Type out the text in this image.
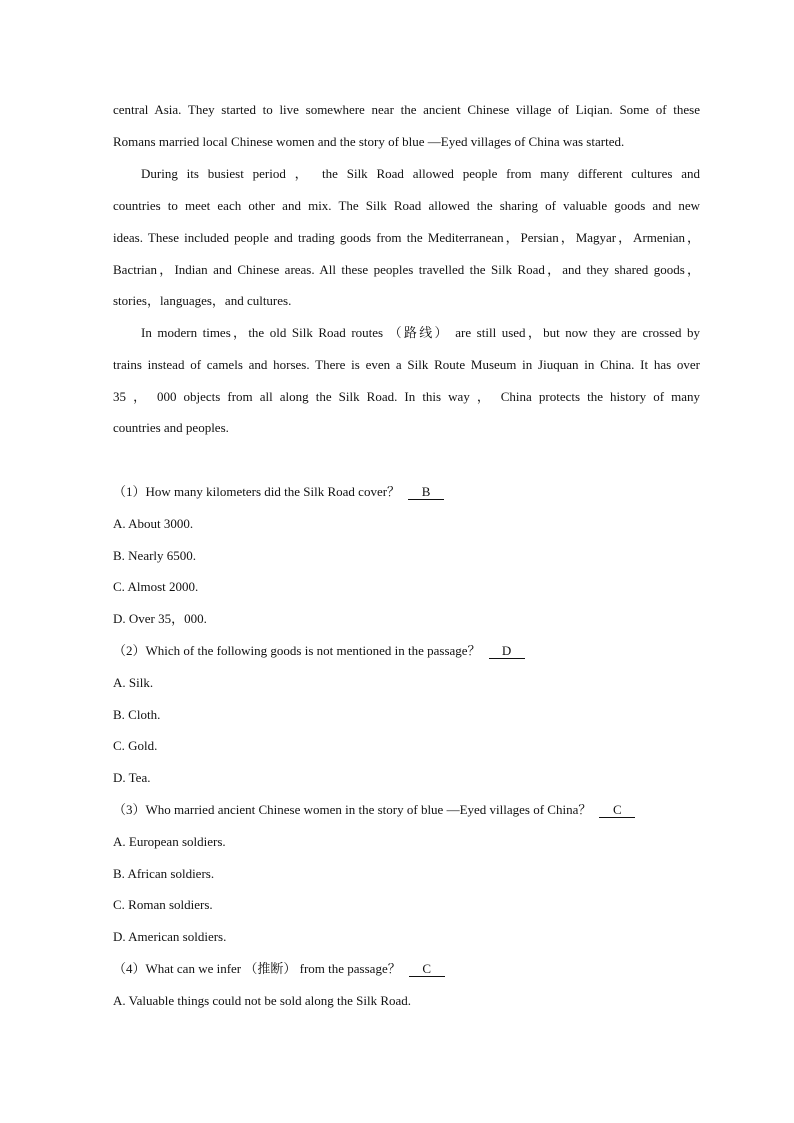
central Asia. They started to live somewhere near the ancient Chinese village of Liqian. Some of these
Romans married local Chinese women and the story of blue —Eyed villages of China was started.
During its busiest period ， the Silk Road allowed people from many different cultures and
countries to meet each other and mix. The Silk Road allowed the sharing of valuable goods and new
ideas. These included people and trading goods from the Mediterranean，Persian，Magyar，Armenian，
Bactrian，Indian and Chinese areas. All these peoples travelled the Silk Road，and they shared goods，
stories，languages，and cultures.
In modern times，the old Silk Road routes （路线） are still used，but now they are crossed by
trains instead of camels and horses. There is even a Silk Route Museum in Jiuquan in China. It has over
35 ， 000 objects from all along the Silk Road. In this way ， China protects the history of many
countries and peoples.
（1）How many kilometers did the Silk Road cover？ B
A. About 3000.
B. Nearly 6500.
C. Almost 2000.
D. Over 35，000.
（2）Which of the following goods is not mentioned in the passage？ D
A. Silk.
B. Cloth.
C. Gold.
D. Tea.
（3）Who married ancient Chinese women in the story of blue —Eyed villages of China？ C
A. European soldiers.
B. African soldiers.
C. Roman soldiers.
D. American soldiers.
（4）What can we infer （推断） from the passage？ C
A. Valuable things could not be sold along the Silk Road.
